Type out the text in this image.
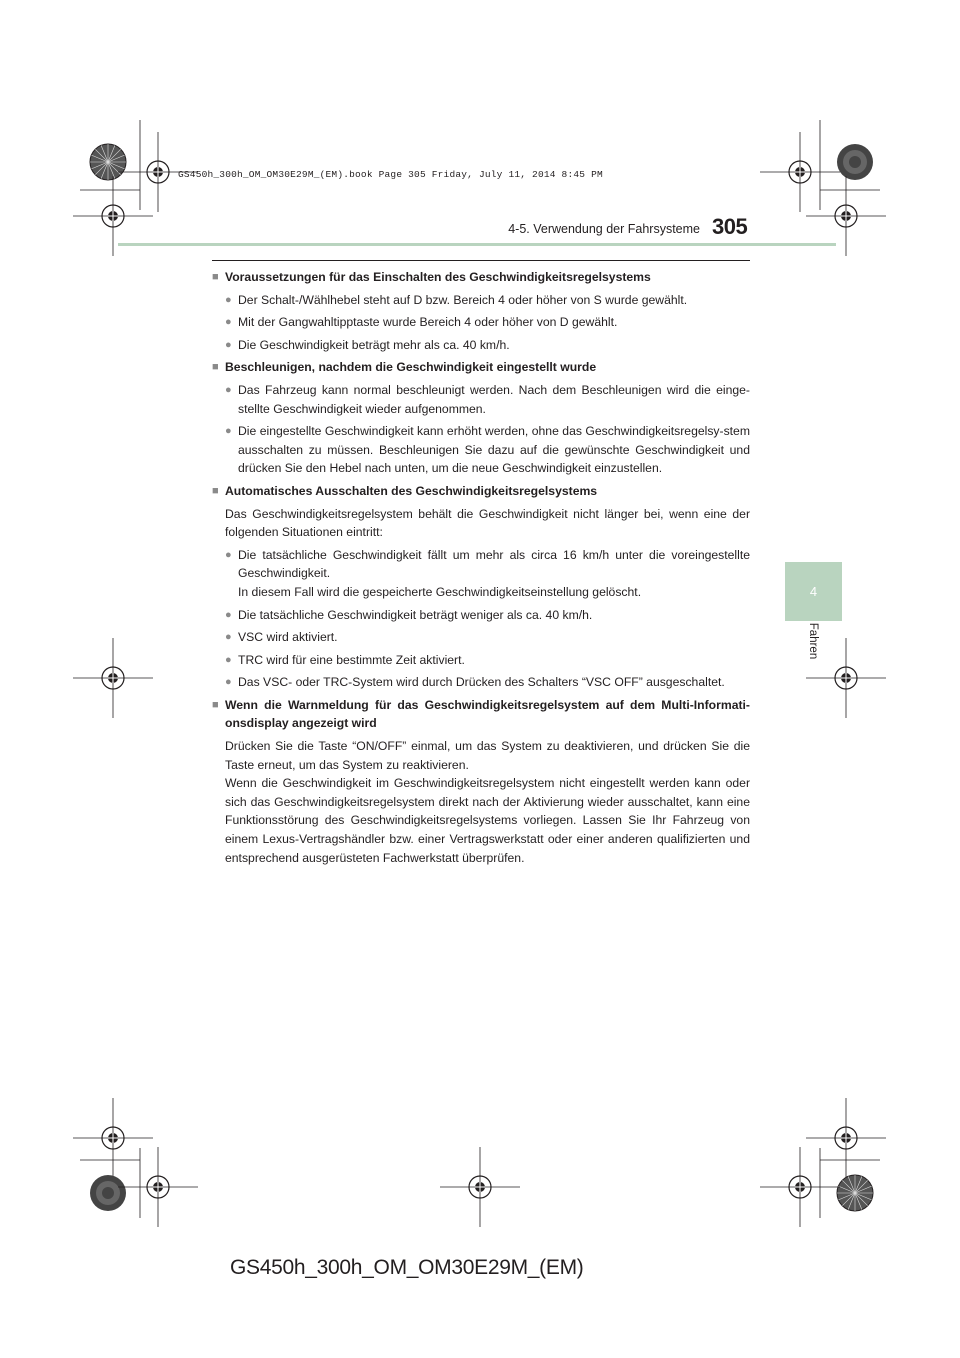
GS450h_300h_OM_OM30E29M_(EM).book Page 305 Friday, July 11, 2014 8:45 PM
4-5. Verwendung der Fahrsysteme 305
4
Fahren
■ Voraussetzungen für das Einschalten des Geschwindigkeitsregelsystems
● Der Schalt-/Wählhebel steht auf D bzw. Bereich 4 oder höher von S wurde gewählt.
● Mit der Gangwahltipptaste wurde Bereich 4 oder höher von D gewählt.
● Die Geschwindigkeit beträgt mehr als ca. 40 km/h.
■ Beschleunigen, nachdem die Geschwindigkeit eingestellt wurde
● Das Fahrzeug kann normal beschleunigt werden. Nach dem Beschleunigen wird die einge-stellte Geschwindigkeit wieder aufgenommen.
● Die eingestellte Geschwindigkeit kann erhöht werden, ohne das Geschwindigkeitsregelsy-stem ausschalten zu müssen. Beschleunigen Sie dazu auf die gewünschte Geschwindigkeit und drücken Sie den Hebel nach unten, um die neue Geschwindigkeit einzustellen.
■ Automatisches Ausschalten des Geschwindigkeitsregelsystems
Das Geschwindigkeitsregelsystem behält die Geschwindigkeit nicht länger bei, wenn eine der folgenden Situationen eintritt:
● Die tatsächliche Geschwindigkeit fällt um mehr als circa 16 km/h unter die voreingestellte Geschwindigkeit.
In diesem Fall wird die gespeicherte Geschwindigkeitseinstellung gelöscht.
● Die tatsächliche Geschwindigkeit beträgt weniger als ca. 40 km/h.
● VSC wird aktiviert.
● TRC wird für eine bestimmte Zeit aktiviert.
● Das VSC- oder TRC-System wird durch Drücken des Schalters “VSC OFF” ausgeschaltet.
■ Wenn die Warnmeldung für das Geschwindigkeitsregelsystem auf dem Multi-Informati-onsdisplay angezeigt wird
Drücken Sie die Taste “ON/OFF” einmal, um das System zu deaktivieren, und drücken Sie die Taste erneut, um das System zu reaktivieren.
Wenn die Geschwindigkeit im Geschwindigkeitsregelsystem nicht eingestellt werden kann oder sich das Geschwindigkeitsregelsystem direkt nach der Aktivierung wieder ausschaltet, kann eine Funktionsstörung des Geschwindigkeitsregelsystems vorliegen. Lassen Sie Ihr Fahrzeug von einem Lexus-Vertragshändler bzw. einer Vertragswerkstatt oder einer anderen qualifizierten und entsprechend ausgerüsteten Fachwerkstatt überprüfen.
GS450h_300h_OM_OM30E29M_(EM)
